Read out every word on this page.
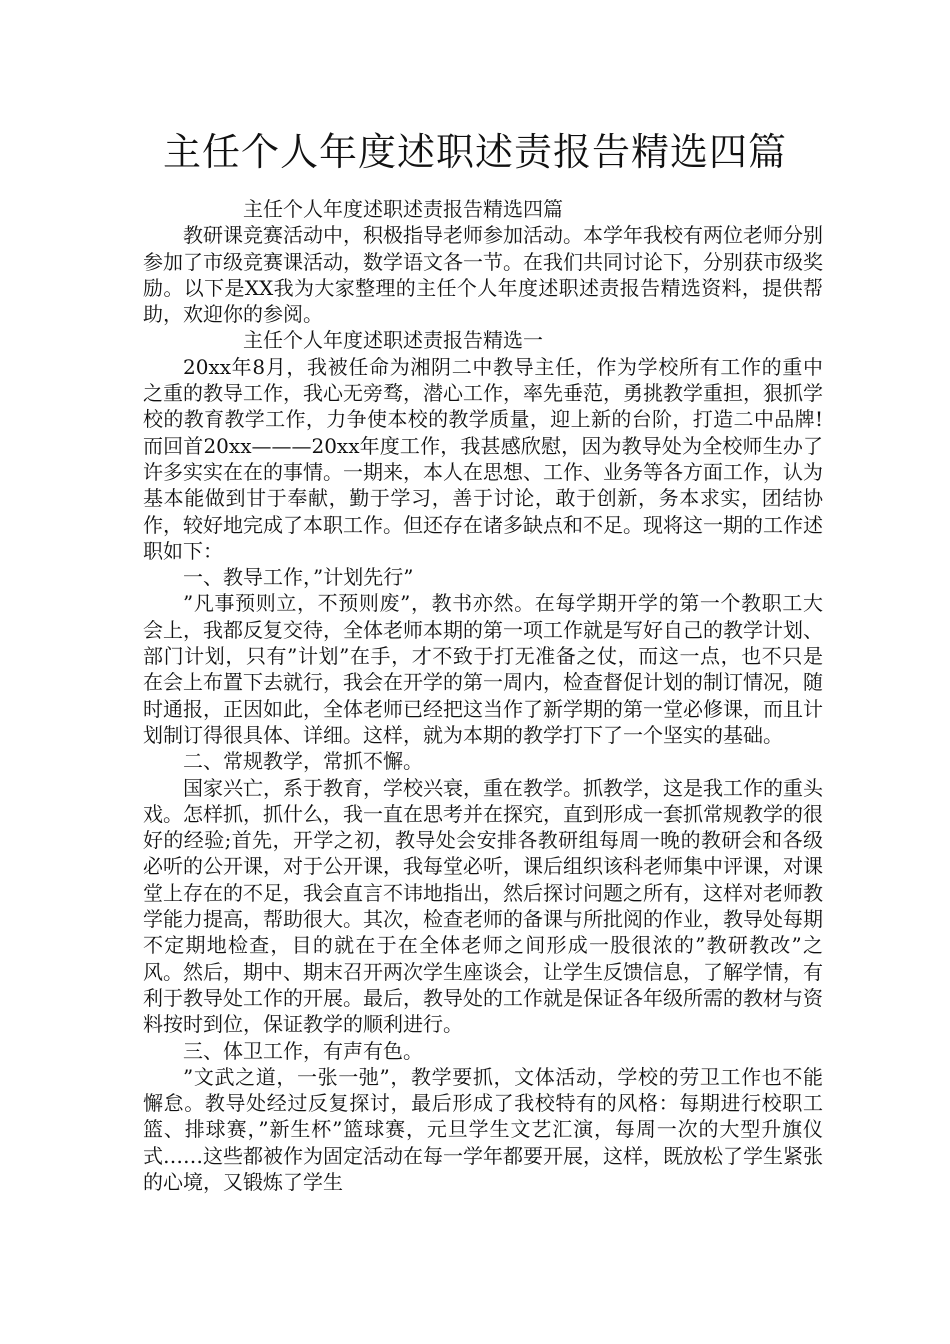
主任个人年度述职述责报告精选四篇

主任个人年度述职述责报告精选四篇

教研课竞赛活动中，积极指导老师参加活动。本学年我校有两位老师分别参加了市级竞赛课活动，数学语文各一节。在我们共同讨论下，分别获市级奖励。以下是XX我为大家整理的主任个人年度述职述责报告精选资料，提供帮助，欢迎你的参阅。

主任个人年度述职述责报告精选一

20xx年8月，我被任命为湘阴二中教导主任，作为学校所有工作的重中之重的教导工作，我心无旁骛，潜心工作，率先垂范，勇挑教学重担，狠抓学校的教育教学工作，力争使本校的教学质量，迎上新的台阶，打造二中品牌!而回首20xx———20xx年度工作，我甚感欣慰，因为教导处为全校师生办了许多实实在在的事情。一期来，本人在思想、工作、业务等各方面工作，认为基本能做到甘于奉献，勤于学习，善于讨论，敢于创新，务本求实，团结协作，较好地完成了本职工作。但还存在诸多缺点和不足。现将这一期的工作述职如下：

一、教导工作，”计划先行”

”凡事预则立，不预则废”，教书亦然。在每学期开学的第一个教职工大会上，我都反复交待，全体老师本期的第一项工作就是写好自己的教学计划、部门计划，只有”计划”在手，才不致于打无准备之仗，而这一点，也不只是在会上布置下去就行，我会在开学的第一周内，检查督促计划的制订情况，随时通报，正因如此，全体老师已经把这当作了新学期的第一堂必修课，而且计划制订得很具体、详细。这样，就为本期的教学打下了一个坚实的基础。

二、常规教学，常抓不懈。

国家兴亡，系于教育，学校兴衰，重在教学。抓教学，这是我工作的重头戏。怎样抓，抓什么，我一直在思考并在探究，直到形成一套抓常规教学的很好的经验;首先，开学之初，教导处会安排各教研组每周一晚的教研会和各级必听的公开课，对于公开课，我每堂必听，课后组织该科老师集中评课，对课堂上存在的不足，我会直言不讳地指出，然后探讨问题之所有，这样对老师教学能力提高，帮助很大。其次，检查老师的备课与所批阅的作业，教导处每期不定期地检查，目的就在于在全体老师之间形成一股很浓的”教研教改”之风。然后，期中、期末召开两次学生座谈会，让学生反馈信息，了解学情，有利于教导处工作的开展。最后，教导处的工作就是保证各年级所需的教材与资料按时到位，保证教学的顺利进行。

三、体卫工作，有声有色。

”文武之道，一张一弛”，教学要抓，文体活动，学校的劳卫工作也不能懈怠。教导处经过反复探讨，最后形成了我校特有的风格：每期进行校职工篮、排球赛，”新生杯”篮球赛，元旦学生文艺汇演，每周一次的大型升旗仪式……这些都被作为固定活动在每一学年都要开展，这样，既放松了学生紧张的心境，又锻炼了学生
